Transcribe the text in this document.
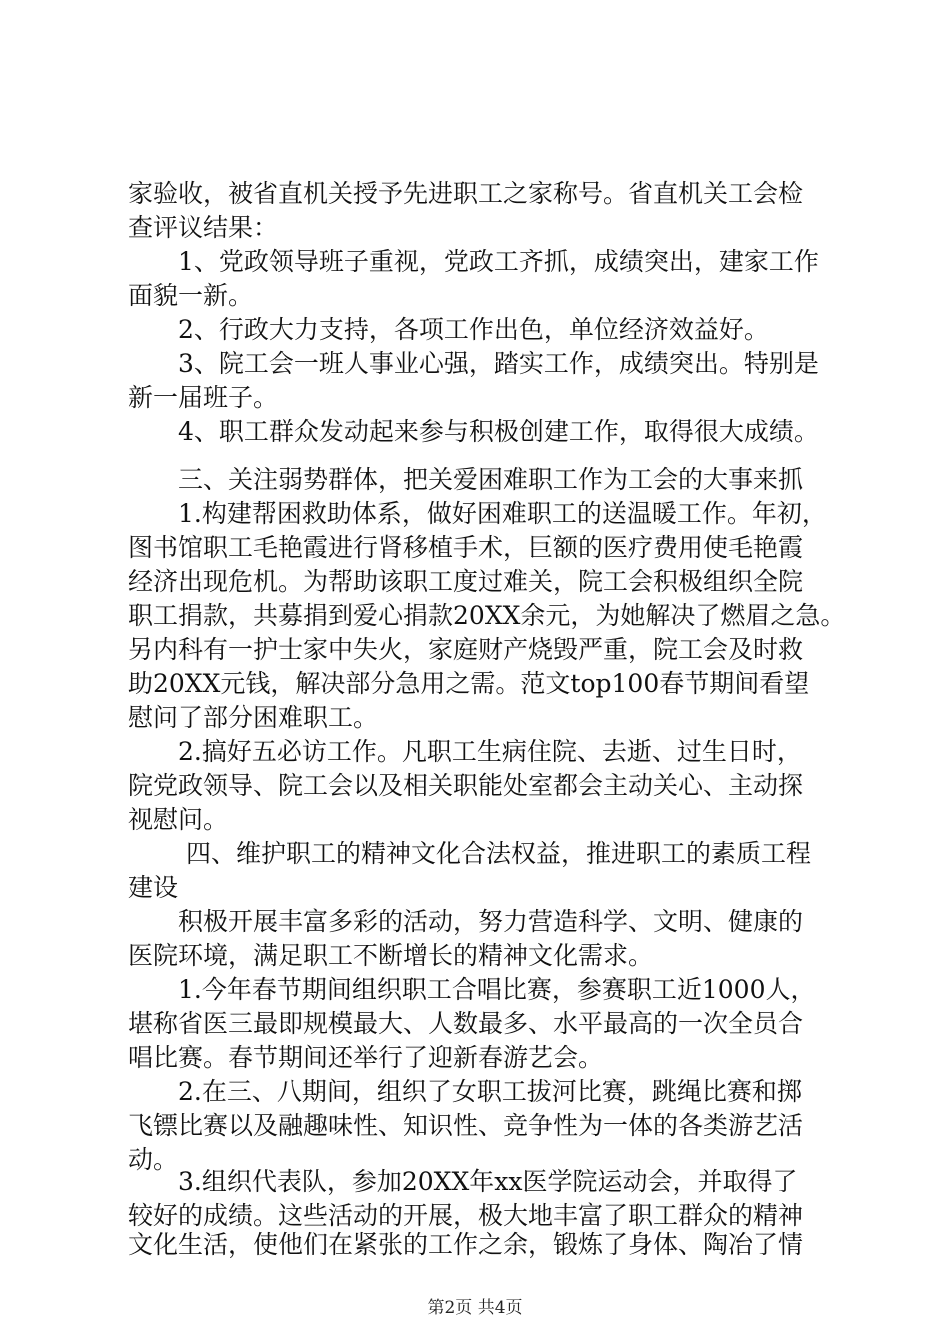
家验收，被省直机关授予先进职工之家称号。省直机关工会检
查评议结果：
1、党政领导班子重视，党政工齐抓，成绩突出，建家工作
面貌一新。
2、行政大力支持，各项工作出色，单位经济效益好。
3、院工会一班人事业心强，踏实工作，成绩突出。特别是
新一届班子。
4、职工群众发动起来参与积极创建工作，取得很大成绩。
三、关注弱势群体，把关爱困难职工作为工会的大事来抓
1.构建帮困救助体系，做好困难职工的送温暖工作。年初，
图书馆职工毛艳霞进行肾移植手术，巨额的医疗费用使毛艳霞
经济出现危机。为帮助该职工度过难关，院工会积极组织全院
职工捐款，共募捐到爱心捐款20XX余元，为她解决了燃眉之急。
另内科有一护士家中失火，家庭财产烧毁严重，院工会及时救
助20XX元钱，解决部分急用之需。范文top100春节期间看望
慰问了部分困难职工。
2.搞好五必访工作。凡职工生病住院、去逝、过生日时，
院党政领导、院工会以及相关职能处室都会主动关心、主动探
视慰问。
四、维护职工的精神文化合法权益，推进职工的素质工程
建设
积极开展丰富多彩的活动，努力营造科学、文明、健康的
医院环境，满足职工不断增长的精神文化需求。
1.今年春节期间组织职工合唱比赛，参赛职工近1000人，
堪称省医三最即规模最大、人数最多、水平最高的一次全员合
唱比赛。春节期间还举行了迎新春游艺会。
2.在三、八期间，组织了女职工拔河比赛，跳绳比赛和掷
飞镖比赛以及融趣味性、知识性、竞争性为一体的各类游艺活
动。
3.组织代表队，参加20XX年xx医学院运动会，并取得了
较好的成绩。这些活动的开展，极大地丰富了职工群众的精神
文化生活，使他们在紧张的工作之余，锻炼了身体、陶冶了情
第2页 共4页
